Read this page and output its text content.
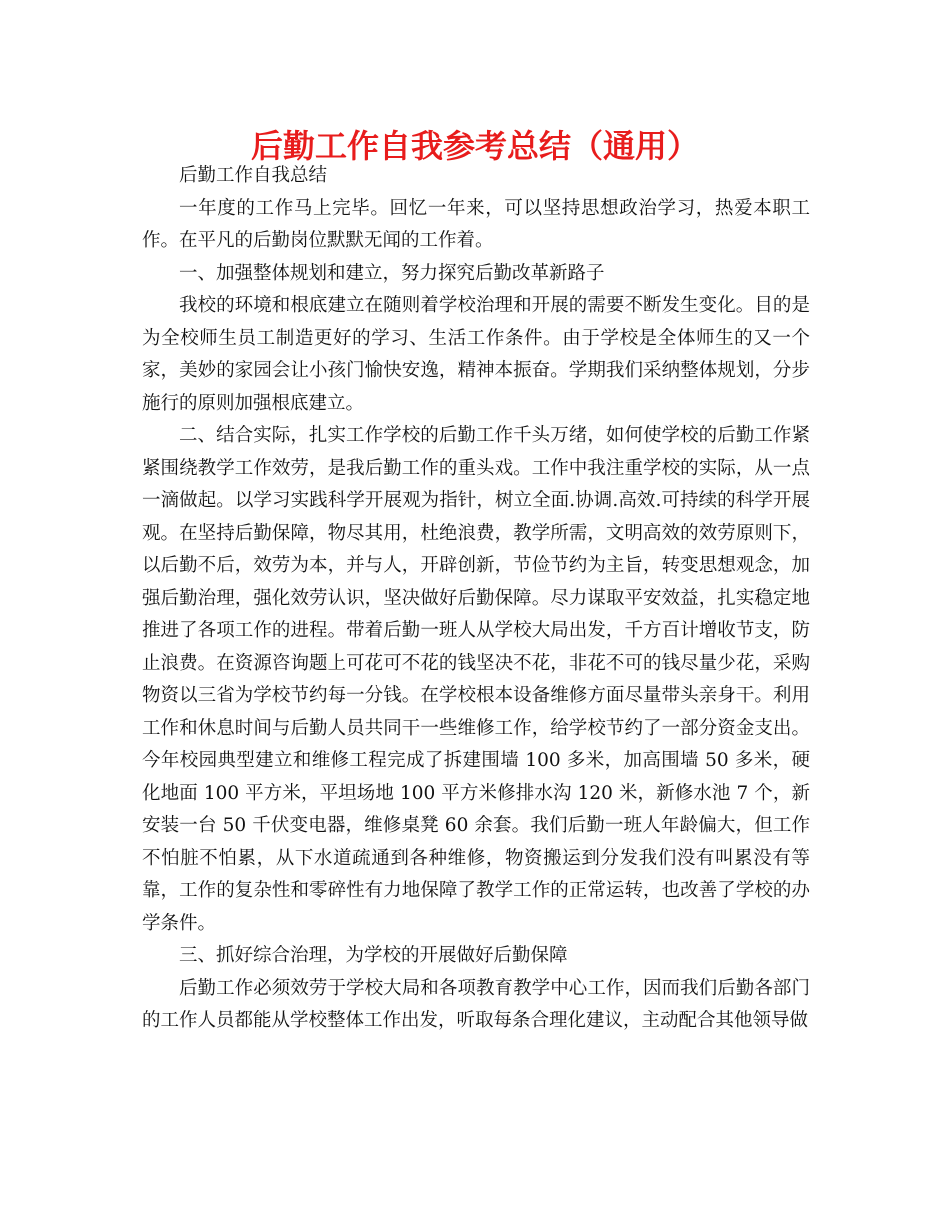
后勤工作自我参考总结（通用）

后勤工作自我总结

一年度的工作马上完毕。回忆一年来，可以坚持思想政治学习，热爱本职工作。在平凡的后勤岗位默默无闻的工作着。

一、加强整体规划和建立，努力探究后勤改革新路子

我校的环境和根底建立在随则着学校治理和开展的需要不断发生变化。目的是为全校师生员工制造更好的学习、生活工作条件。由于学校是全体师生的又一个家，美妙的家园会让小孩门愉快安逸，精神本振奋。学期我们采纳整体规划，分步施行的原则加强根底建立。

二、结合实际，扎实工作学校的后勤工作千头万绪，如何使学校的后勤工作紧紧围绕教学工作效劳，是我后勤工作的重头戏。工作中我注重学校的实际，从一点一滴做起。以学习实践科学开展观为指针，树立全面.协调.高效.可持续的科学开展观。在坚持后勤保障，物尽其用，杜绝浪费，教学所需，文明高效的效劳原则下，以后勤不后，效劳为本，并与人，开辟创新，节俭节约为主旨，转变思想观念，加强后勤治理，强化效劳认识，坚决做好后勤保障。尽力谋取平安效益，扎实稳定地推进了各项工作的进程。带着后勤一班人从学校大局出发，千方百计增收节支，防止浪费。在资源咨询题上可花可不花的钱坚决不花，非花不可的钱尽量少花，采购物资以三省为学校节约每一分钱。在学校根本设备维修方面尽量带头亲身干。利用工作和休息时间与后勤人员共同干一些维修工作，给学校节约了一部分资金支出。今年校园典型建立和维修工程完成了拆建围墙 100 多米，加高围墙 50 多米，硬化地面 100 平方米，平坦场地 100 平方米修排水沟 120 米，新修水池 7 个，新安装一台 50 千伏变电器，维修桌凳 60 余套。我们后勤一班人年龄偏大，但工作不怕脏不怕累，从下水道疏通到各种维修，物资搬运到分发我们没有叫累没有等靠，工作的复杂性和零碎性有力地保障了教学工作的正常运转，也改善了学校的办学条件。

三、抓好综合治理，为学校的开展做好后勤保障

后勤工作必须效劳于学校大局和各项教育教学中心工作，因而我们后勤各部门的工作人员都能从学校整体工作出发，听取每条合理化建议，主动配合其他领导做
